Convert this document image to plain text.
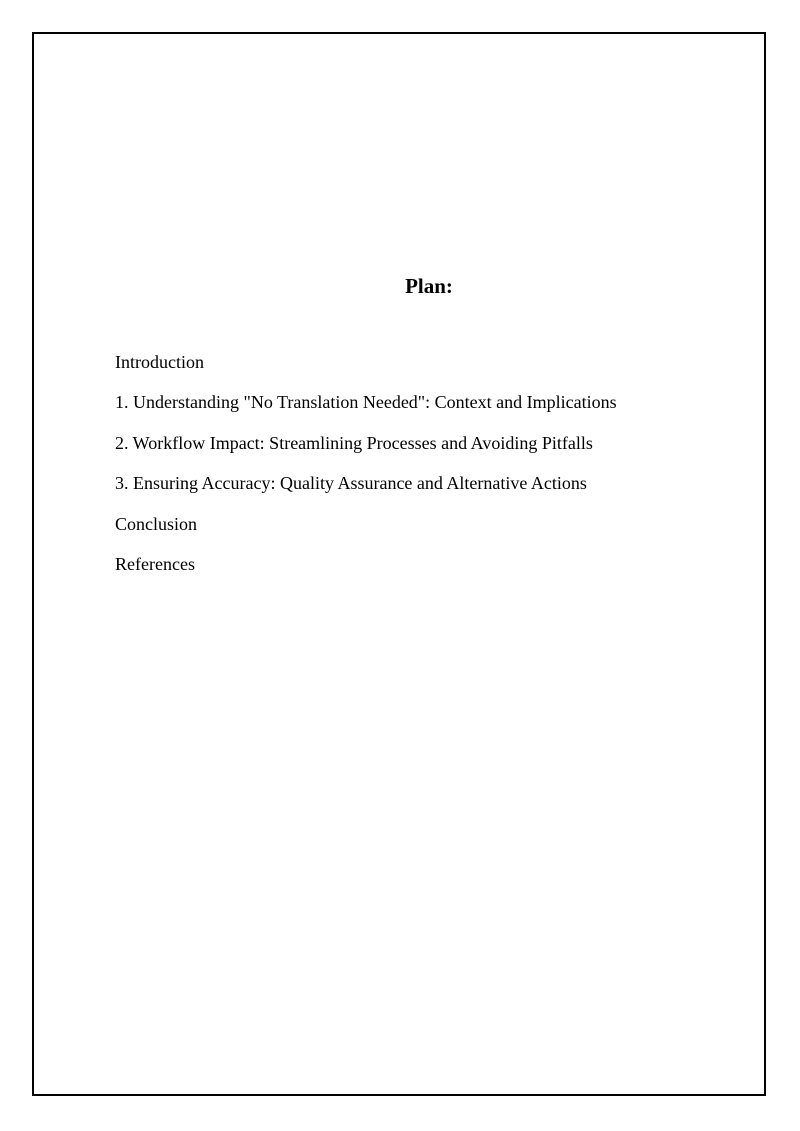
Plan:
Introduction
1. Understanding "No Translation Needed": Context and Implications
2. Workflow Impact: Streamlining Processes and Avoiding Pitfalls
3. Ensuring Accuracy: Quality Assurance and Alternative Actions
Conclusion
References
